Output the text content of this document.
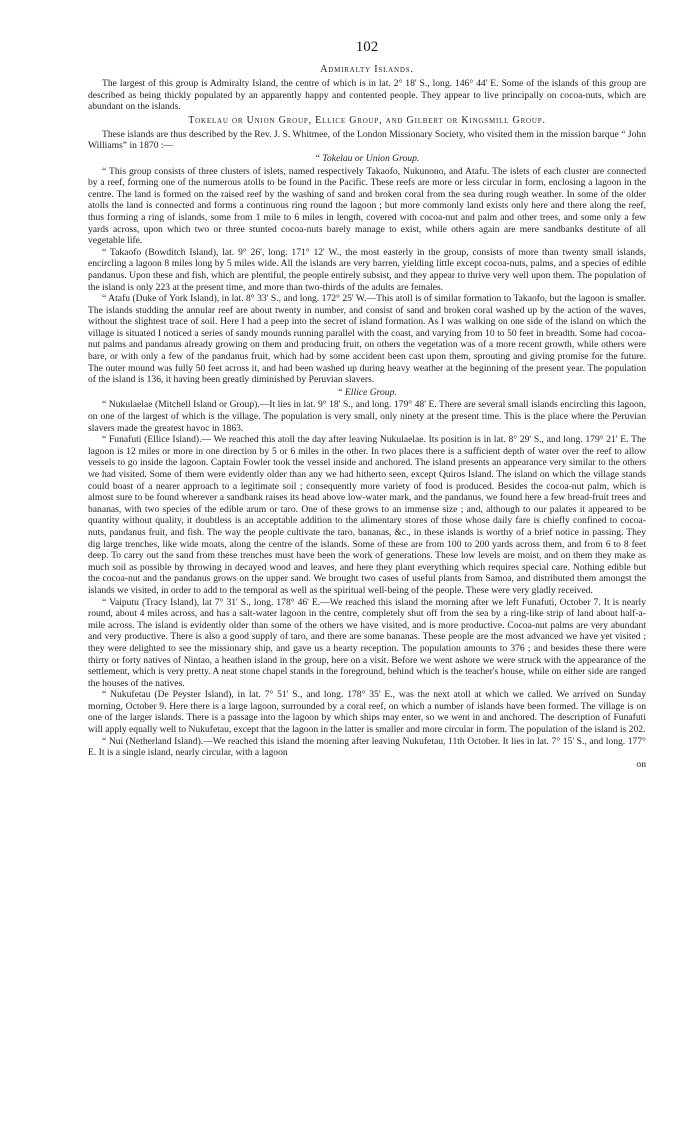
102
Admiralty Islands.

The largest of this group is Admiralty Island, the centre of which is in lat. 2° 18' S., long. 146° 44' E. Some of the islands of this group are described as being thickly populated by an apparently happy and contented people. They appear to live principally on cocoa-nuts, which are abundant on the islands.

Tokelau or Union Group, Ellice Group, and Gilbert or Kingsmill Group.

These islands are thus described by the Rev. J. S. Whitmee, of the London Missionary Society, who visited them in the mission barque “ John Williams” in 1870 :—

“ Tokelau or Union Group.

“ This group consists of three clusters of islets, named respectively Takaofo, Nukunono, and Atafu. The islets of each cluster are connected by a reef, forming one of the numerous atolls to be found in the Pacific. These reefs are more or less circular in form, enclosing a lagoon in the centre. The land is formed on the raised reef by the washing of sand and broken coral from the sea during rough weather. In some of the older atolls the land is connected and forms a continuous ring round the lagoon ; but more commonly land exists only here and there along the reef, thus forming a ring of islands, some from 1 mile to 6 miles in length, covered with cocoa-nut and palm and other trees, and some only a few yards across, upon which two or three stunted cocoa-nuts barely manage to exist, while others again are mere sandbanks destitute of all vegetable life.

“ Takaofo (Bowditch Island), lat. 9° 26', long. 171° 12' W., the most easterly in the group, consists of more than twenty small islands, encircling a lagoon 8 miles long by 5 miles wide. All the islands are very barren, yielding little except cocoa-nuts, palms, and a species of edible pandanus. Upon these and fish, which are plentiful, the people entirely subsist, and they appear to thrive very well upon them. The population of the island is only 223 at the present time, and more than two-thirds of the adults are females.

“ Atafu (Duke of York Island), in lat. 8° 33' S., and long. 172° 25' W.—This atoll is of similar formation to Takaofo, but the lagoon is smaller. The islands studding the annular reef are about twenty in number, and consist of sand and broken coral washed up by the action of the waves, without the slightest trace of soil. Here I had a peep into the secret of island formation. As I was walking on one side of the island on which the village is situated I noticed a series of sandy mounds running parallel with the coast, and varying from 10 to 50 feet in breadth. Some had cocoa-nut palms and pandanus already growing on them and producing fruit, on others the vegetation was of a more recent growth, while others were bare, or with only a few of the pandanus fruit, which had by some accident been cast upon them, sprouting and giving promise for the future. The outer mound was fully 50 feet across it, and had been washed up during heavy weather at the beginning of the present year. The population of the island is 136, it having been greatly diminished by Peruvian slavers.

“ Ellice Group.

“ Nukulaelae (Mitchell Island or Group).—It lies in lat. 9° 18' S., and long. 179° 48' E. There are several small islands encircling this lagoon, on one of the largest of which is the village. The population is very small, only ninety at the present time. This is the place where the Peruvian slavers made the greatest havoc in 1863.

“ Funafuti (Ellice Island).— We reached this atoll the day after leaving Nukulaelae. Its position is in lat. 8° 29' S., and long. 179° 21' E. The lagoon is 12 miles or more in one direction by 5 or 6 miles in the other. In two places there is a sufficient depth of water over the reef to allow vessels to go inside the lagoon. Captain Fowler took the vessel inside and anchored. The island presents an appearance very similar to the others we had visited. Some of them were evidently older than any we had hitherto seen, except Quiros Island. The island on which the village stands could boast of a nearer approach to a legitimate soil ; consequently more variety of food is produced. Besides the cocoa-nut palm, which is almost sure to be found wherever a sandbank raises its head above low-water mark, and the pandanus, we found here a few bread-fruit trees and bananas, with two species of the edible arum or taro. One of these grows to an immense size ; and, although to our palates it appeared to be quantity without quality, it doubtless is an acceptable addition to the alimentary stores of those whose daily fare is chiefly confined to cocoa-nuts, pandanus fruit, and fish. The way the people cultivate the taro, bananas, &c., in these islands is worthy of a brief notice in passing. They dig large trenches, like wide moats, along the centre of the islands. Some of these are from 100 to 200 yards across them, and from 6 to 8 feet deep. To carry out the sand from these trenches must have been the work of generations. These low levels are moist, and on them they make as much soil as possible by throwing in decayed wood and leaves, and here they plant everything which requires special care. Nothing edible but the cocoa-nut and the pandanus grows on the upper sand. We brought two cases of useful plants from Samoa, and distributed them amongst the islands we visited, in order to add to the temporal as well as the spiritual well-being of the people. These were very gladly received.

“ Vaiputu (Tracy Island), lat 7° 31' S., long. 178° 46' E.—We reached this island the morning after we left Funafuti, October 7. It is nearly round, about 4 miles across, and has a salt-water lagoon in the centre, completely shut off from the sea by a ring-like strip of land about half-a-mile across. The island is evidently older than some of the others we have visited, and is more productive. Cocoa-nut palms are very abundant and very productive. There is also a good supply of taro, and there are some bananas. These people are the most advanced we have yet visited ; they were delighted to see the missionary ship, and gave us a hearty reception. The population amounts to 376 ; and besides these there were thirty or forty natives of Nintao, a heathen island in the group, here on a visit. Before we went ashore we were struck with the appearance of the settlement, which is very pretty. A neat stone chapel stands in the foreground, behind which is the teacher's house, while on either side are ranged the houses of the natives.

“ Nukufetau (De Peyster Island), in lat. 7° 51' S., and long. 178° 35' E., was the next atoll at which we called. We arrived on Sunday morning, October 9. Here there is a large lagoon, surrounded by a coral reef, on which a number of islands have been formed. The village is on one of the larger islands. There is a passage into the lagoon by which ships may enter, so we went in and anchored. The description of Funafuti will apply equally well to Nukufetau, except that the lagoon in the latter is smaller and more circular in form. The population of the island is 202.

“ Nui (Netherland Island).—We reached this island the morning after leaving Nukufetau, 11th October. It lies in lat. 7° 15' S., and long. 177° E. It is a single island, nearly circular, with a lagoon

on
